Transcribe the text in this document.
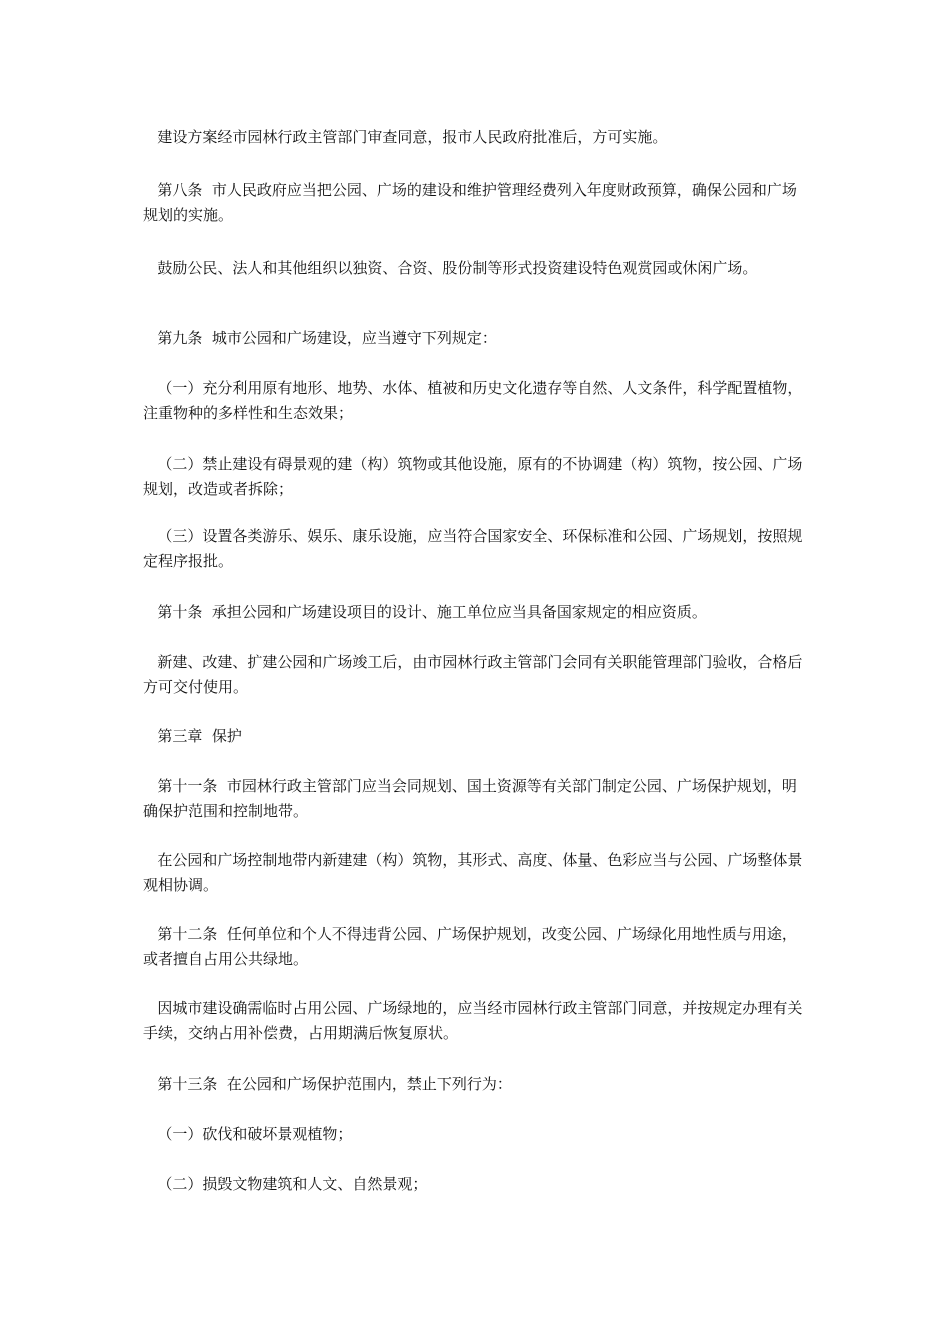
建设方案经市园林行政主管部门审查同意，报市人民政府批准后，方可实施。

第八条  市人民政府应当把公园、广场的建设和维护管理经费列入年度财政预算，确保公园和广场规划的实施。

鼓励公民、法人和其他组织以独资、合资、股份制等形式投资建设特色观赏园或休闲广场。

第九条  城市公园和广场建设，应当遵守下列规定：

（一）充分利用原有地形、地势、水体、植被和历史文化遗存等自然、人文条件，科学配置植物，注重物种的多样性和生态效果；

（二）禁止建设有碍景观的建（构）筑物或其他设施，原有的不协调建（构）筑物，按公园、广场规划，改造或者拆除；

（三）设置各类游乐、娱乐、康乐设施，应当符合国家安全、环保标准和公园、广场规划，按照规定程序报批。

第十条  承担公园和广场建设项目的设计、施工单位应当具备国家规定的相应资质。

新建、改建、扩建公园和广场竣工后，由市园林行政主管部门会同有关职能管理部门验收，合格后方可交付使用。

第三章  保护

第十一条  市园林行政主管部门应当会同规划、国土资源等有关部门制定公园、广场保护规划，明确保护范围和控制地带。

在公园和广场控制地带内新建建（构）筑物，其形式、高度、体量、色彩应当与公园、广场整体景观相协调。

第十二条  任何单位和个人不得违背公园、广场保护规划，改变公园、广场绿化用地性质与用途，或者擅自占用公共绿地。

因城市建设确需临时占用公园、广场绿地的，应当经市园林行政主管部门同意，并按规定办理有关手续，交纳占用补偿费，占用期满后恢复原状。

第十三条  在公园和广场保护范围内，禁止下列行为：

（一）砍伐和破坏景观植物；

（二）损毁文物建筑和人文、自然景观；
